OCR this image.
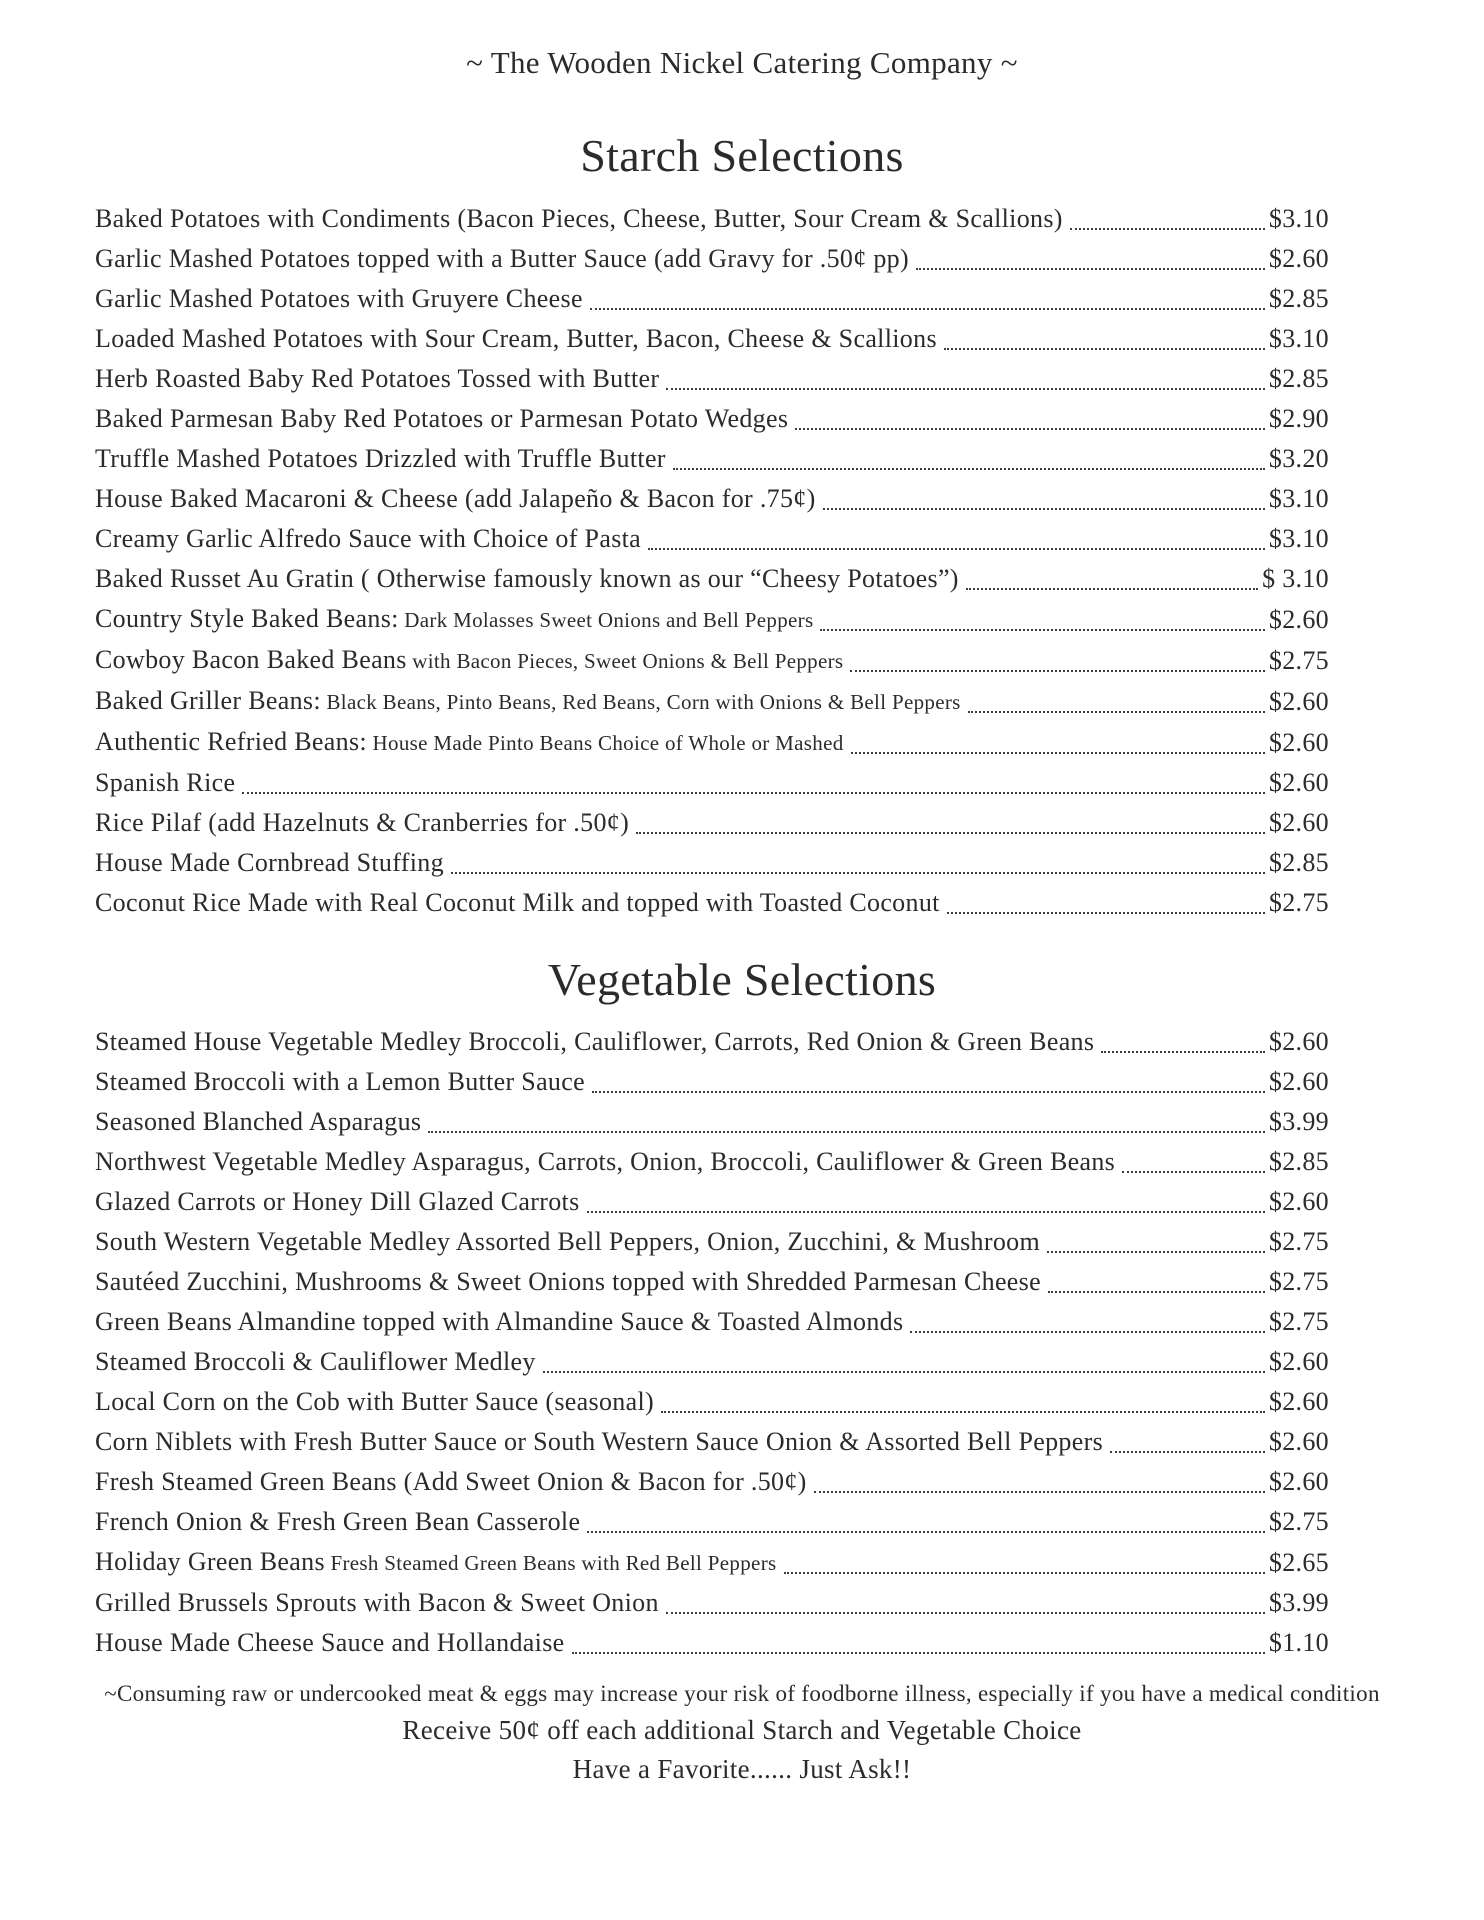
~ The Wooden Nickel Catering Company ~
Starch Selections
Baked Potatoes with Condiments (Bacon Pieces, Cheese, Butter, Sour Cream & Scallions)	$3.10
Garlic Mashed Potatoes topped with a Butter Sauce (add Gravy for .50¢ pp)	$2.60
Garlic Mashed Potatoes with Gruyere Cheese	$2.85
Loaded Mashed Potatoes with Sour Cream, Butter, Bacon, Cheese & Scallions	$3.10
Herb Roasted Baby Red Potatoes Tossed with Butter	$2.85
Baked Parmesan Baby Red Potatoes or Parmesan Potato Wedges	$2.90
Truffle Mashed Potatoes Drizzled with Truffle Butter	$3.20
House Baked Macaroni & Cheese (add Jalapeño & Bacon for .75¢)	$3.10
Creamy Garlic Alfredo Sauce with Choice of Pasta	$3.10
Baked Russet Au Gratin ( Otherwise famously known as our “Cheesy Potatoes”)	$ 3.10
Country Style Baked Beans: Dark Molasses Sweet Onions and Bell Peppers	$2.60
Cowboy Bacon Baked Beans with Bacon Pieces, Sweet Onions & Bell Peppers	$2.75
Baked Griller Beans: Black Beans, Pinto Beans, Red Beans, Corn with Onions & Bell Peppers	$2.60
Authentic Refried Beans: House Made Pinto Beans Choice of Whole or Mashed	$2.60
Spanish Rice	$2.60
Rice Pilaf (add Hazelnuts & Cranberries for .50¢)	$2.60
House Made Cornbread Stuffing	$2.85
Coconut Rice Made with Real Coconut Milk and topped with Toasted Coconut	$2.75
Vegetable Selections
Steamed House Vegetable Medley Broccoli, Cauliflower, Carrots, Red Onion & Green Beans	$2.60
Steamed Broccoli with a Lemon Butter Sauce	$2.60
Seasoned Blanched Asparagus	$3.99
Northwest Vegetable Medley Asparagus, Carrots, Onion, Broccoli, Cauliflower & Green Beans	$2.85
Glazed Carrots or Honey Dill Glazed Carrots	$2.60
South Western Vegetable Medley Assorted Bell Peppers, Onion, Zucchini, & Mushroom	$2.75
Sautéed Zucchini, Mushrooms & Sweet Onions topped with Shredded Parmesan Cheese	$2.75
Green Beans Almandine topped with Almandine Sauce & Toasted Almonds	$2.75
Steamed Broccoli & Cauliflower Medley	$2.60
Local Corn on the Cob with Butter Sauce (seasonal)	$2.60
Corn Niblets with Fresh Butter Sauce or South Western Sauce Onion & Assorted Bell Peppers	$2.60
Fresh Steamed Green Beans (Add Sweet Onion & Bacon for .50¢)	$2.60
French Onion & Fresh Green Bean Casserole	$2.75
Holiday Green Beans Fresh Steamed Green Beans with Red Bell Peppers	$2.65
Grilled Brussels Sprouts with Bacon & Sweet Onion	$3.99
House Made Cheese Sauce and Hollandaise	$1.10
~Consuming raw or undercooked meat & eggs may increase your risk of foodborne illness, especially if you have a medical condition
Receive 50¢ off each additional Starch and Vegetable Choice
Have a Favorite...... Just Ask!!
